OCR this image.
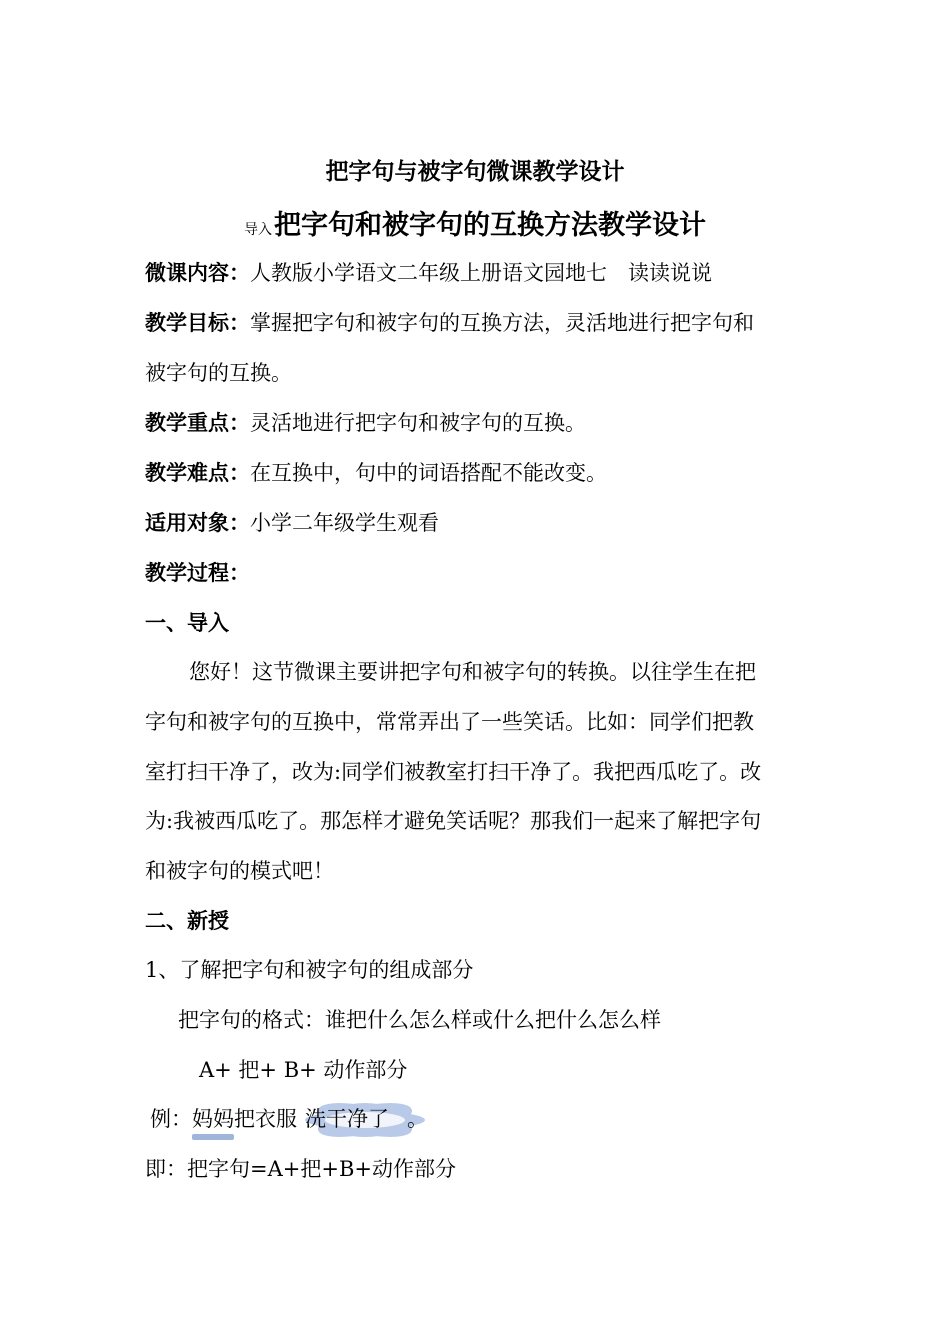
把字句与被字句微课教学设计
导入把字句和被字句的互换方法教学设计
微课内容：人教版小学语文二年级上册语文园地七　读读说说
教学目标：掌握把字句和被字句的互换方法，灵活地进行把字句和
被字句的互换。
教学重点：灵活地进行把字句和被字句的互换。
教学难点：在互换中，句中的词语搭配不能改变。
适用对象：小学二年级学生观看
教学过程：
一、导入
　您好！这节微课主要讲把字句和被字句的转换。以往学生在把
字句和被字句的互换中，常常弄出了一些笑话。比如：同学们把教
室打扫干净了，改为:同学们被教室打扫干净了。我把西瓜吃了。改
为:我被西瓜吃了。那怎样才避免笑话呢？那我们一起来了解把字句
和被字句的模式吧！
二、新授
1、了解把字句和被字句的组成部分
把字句的格式：谁把什么怎么样或什么把什么怎么样
A+ 把+ B+ 动作部分
例：妈妈把衣服 洗干净了 。
即：把字句=A+把+B+动作部分
